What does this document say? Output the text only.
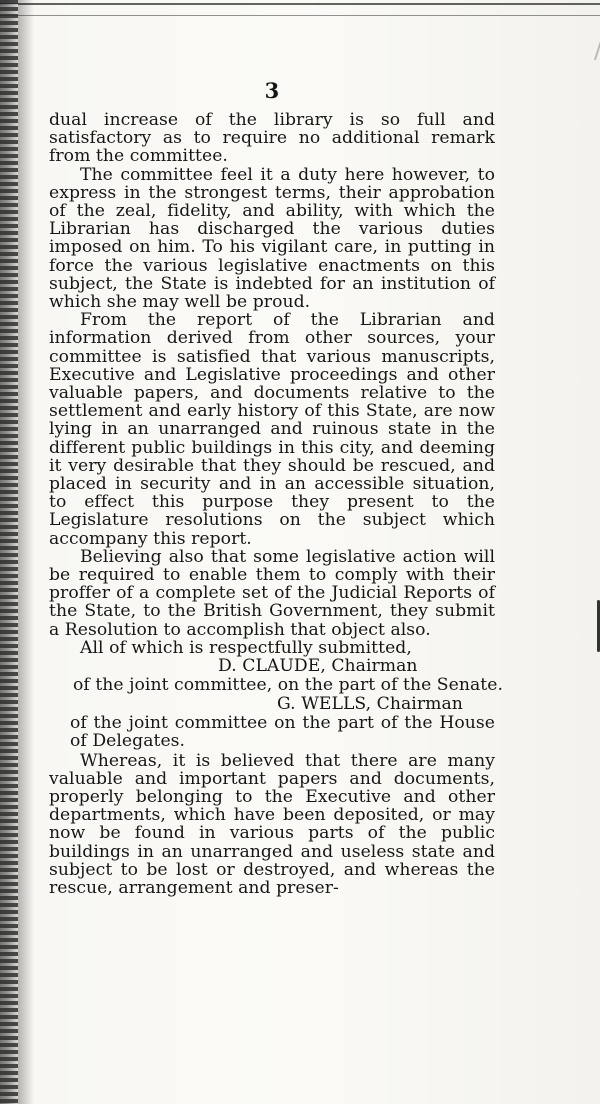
3

dual increase of the library is so full and satisfactory as to require no additional remark from the committee.

The committee feel it a duty here however, to express in the strongest terms, their approbation of the zeal, fidelity, and ability, with which the Librarian has discharged the various duties imposed on him. To his vigilant care, in putting in force the various legislative enactments on this subject, the State is indebted for an institution of which she may well be proud.

From the report of the Librarian and information derived from other sources, your committee is satisfied that various manuscripts, Executive and Legislative proceedings and other valuable papers, and documents relative to the settlement and early history of this State, are now lying in an unarranged and ruinous state in the different public buildings in this city, and deeming it very desirable that they should be rescued, and placed in security and in an accessible situation, to effect this purpose they present to the Legislature resolutions on the subject which accompany this report.

Believing also that some legislative action will be required to enable them to comply with their proffer of a complete set of the Judicial Reports of the State, to the British Government, they submit a Resolution to accomplish that object also.

All of which is respectfully submitted,

D. CLAUDE, Chairman

of the joint committee, on the part of the Senate.

G. WELLS, Chairman

of the joint committee on the part of the House of Delegates.

Whereas, it is believed that there are many valuable and important papers and documents, properly belonging to the Executive and other departments, which have been deposited, or may now be found in various parts of the public buildings in an unarranged and useless state and subject to be lost or destroyed, and whereas the rescue, arrangement and preser-
